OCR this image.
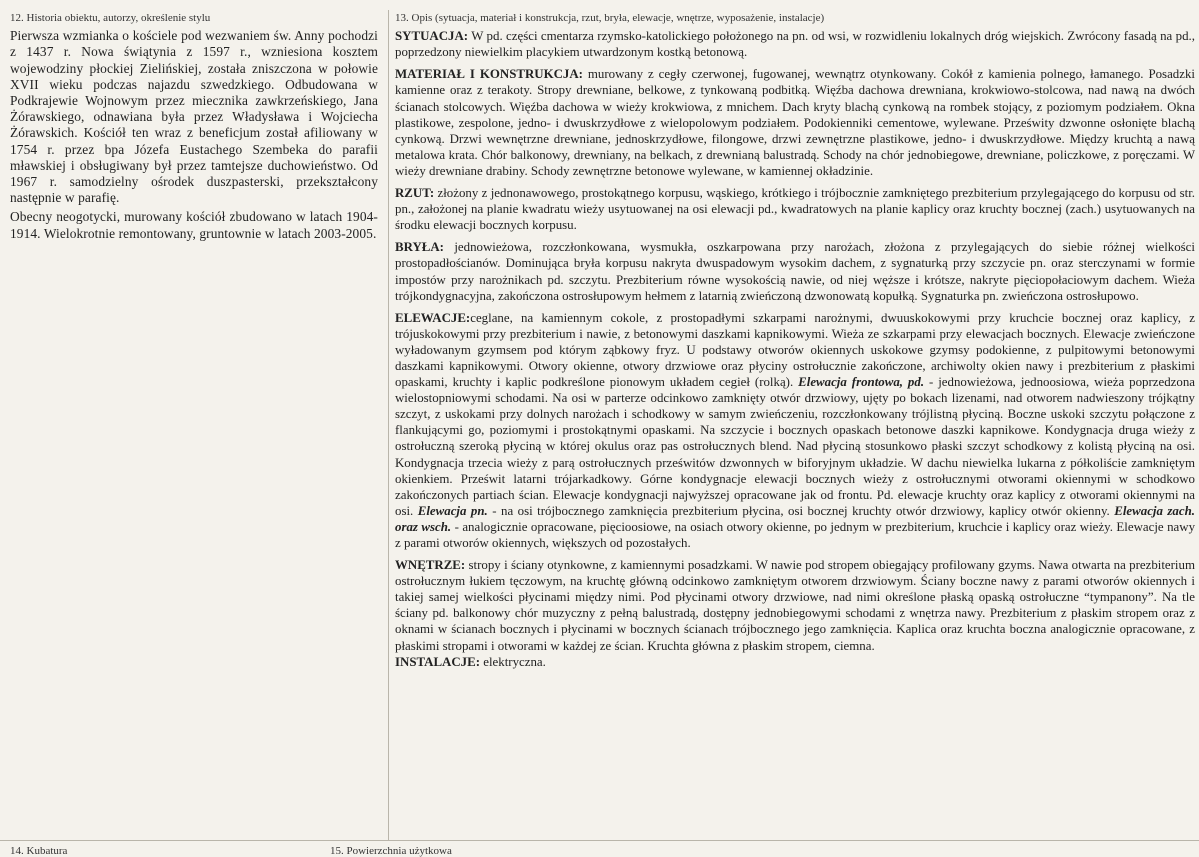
12. Historia obiektu, autorzy, określenie stylu

Pierwsza wzmianka o kościele pod wezwaniem św. Anny pochodzi z 1437 r. Nowa świątynia z 1597 r., wzniesiona kosztem wojewodziny płockiej Zielińskiej, została zniszczona w połowie XVII wieku podczas najazdu szwedzkiego. Odbudowana w Podkrajewie Wojnowym przez miecznika zawkrzeńskiego, Jana Żórawskiego, odnawiana była przez Władysława i Wojciecha Żórawskich. Kościół ten wraz z beneficjum został afiliowany w 1754 r. przez bpa Józefa Eustachego Szembeka do parafii mławskiej i obsługiwany był przez tamtejsze duchowieństwo. Od 1967 r. samodzielny ośrodek duszpasterski, przekształcony następnie w parafię.

Obecny neogotycki, murowany kościół zbudowano w latach 1904-1914. Wielokrotnie remontowany, gruntownie w latach 2003-2005.

13. Opis (sytuacja, materiał i konstrukcja, rzut, bryła, elewacje, wnętrze, wyposażenie, instalacje)

SYTUACJA: W pd. części cmentarza rzymsko-katolickiego położonego na pn. od wsi, w rozwidleniu lokalnych dróg wiejskich. Zwrócony fasadą na pd., poprzedzony niewielkim placykiem utwardzonym kostką betonową.

MATERIAŁ I KONSTRUKCJA: murowany z cegły czerwonej, fugowanej, wewnątrz otynkowany. Cokół z kamienia polnego, łamanego. Posadzki kamienne oraz z terakoty. Stropy drewniane, belkowe, z tynkowaną podbitką. Więźba dachowa drewniana, krokwiowo-stolcowa, nad nawą na dwóch ścianach stolcowych. Więźba dachowa w wieży krokwiowa, z mnichem. Dach kryty blachą cynkową na rombek stojący, z poziomym podziałem. Okna plastikowe, zespolone, jedno- i dwuskrzydłowe z wielopolowym podziałem. Podokienniki cementowe, wylewane. Prześwity dzwonne osłonięte blachą cynkową. Drzwi wewnętrzne drewniane, jednoskrzydłowe, filongowe, drzwi zewnętrzne plastikowe, jedno- i dwuskrzydłowe. Między kruchtą a nawą metalowa krata. Chór balkonowy, drewniany, na belkach, z drewnianą balustradą. Schody na chór jednobiegowe, drewniane, policzkowe, z poręczami. W wieży drewniane drabiny. Schody zewnętrzne betonowe wylewane, w kamiennej okładzinie.

RZUT: złożony z jednonawowego, prostokątnego korpusu, wąskiego, krótkiego i trójbocznie zamkniętego prezbiterium przylegającego do korpusu od str. pn., założonej na planie kwadratu wieży usytuowanej na osi elewacji pd., kwadratowych na planie kaplicy oraz kruchty bocznej (zach.) usytuowanych na środku elewacji bocznych korpusu.

BRYŁA: jednowieżowa, rozczłonkowana, wysmukła, oszkarpowana przy narożach, złożona z przylegających do siebie różnej wielkości prostopadłościanów. Dominująca bryła korpusu nakryta dwuspadowym wysokim dachem, z sygnaturką przy szczycie pn. oraz sterczynami w formie impostów przy narożnikach pd. szczytu. Prezbiterium równe wysokością nawie, od niej węższe i krótsze, nakryte pięciopołaciowym dachem. Wieża trójkondygnacyjna, zakończona ostrosłupowym hełmem z latarnią zwieńczoną dzwonowatą kopułką. Sygnaturka pn. zwieńczona ostrosłupowo.

ELEWACJE:ceglane, na kamiennym cokole, z prostopadłymi szkarpami narożnymi, dwuuskokowymi przy kruchcie bocznej oraz kaplicy, z trójuskokowymi przy prezbiterium i nawie, z betonowymi daszkami kapnikowymi. Wieża ze szkarpami przy elewacjach bocznych. Elewacje zwieńczone wyładowanym gzymsem pod którym ząbkowy fryz. U podstawy otworów okiennych uskokowe gzymsy podokienne, z pulpitowymi betonowymi daszkami kapnikowymi. Otwory okienne, otwory drzwiowe oraz płyciny ostrołucznie zakończone, archiwolty okien nawy i prezbiterium z płaskimi opaskami, kruchty i kaplic podkreślone pionowym układem cegieł (rolką). Elewacja frontowa, pd. - jednowieżowa, jednoosiowa, wieża poprzedzona wielostopniowymi schodami. Na osi w parterze odcinkowo zamknięty otwór drzwiowy, ujęty po bokach lizenami, nad otworem nadwieszony trójkątny szczyt, z uskokami przy dolnych narożach i schodkowy w samym zwieńczeniu, rozczłonkowany trójlistną płyciną. Boczne uskoki szczytu połączone z flankującymi go, poziomymi i prostokątnymi opaskami. Na szczycie i bocznych opaskach betonowe daszki kapnikowe. Kondygnacja druga wieży z ostrołuczną szeroką płyciną w której okulus oraz pas ostrołucznych blend. Nad płyciną stosunkowo płaski szczyt schodkowy z kolistą płyciną na osi. Kondygnacja trzecia wieży z parą ostrołucznych prześwitów dzwonnych w biforyjnym układzie. W dachu niewielka lukarna z półkoliście zamkniętym okienkiem. Prześwit latarni trójarkadkowy. Górne kondygnacje elewacji bocznych wieży z ostrołucznymi otworami okiennymi w schodkowo zakończonych partiach ścian. Elewacje kondygnacji najwyższej opracowane jak od frontu. Pd. elewacje kruchty oraz kaplicy z otworami okiennymi na osi. Elewacja pn. - na osi trójbocznego zamknięcia prezbiterium płycina, osi bocznej kruchty otwór drzwiowy, kaplicy otwór okienny. Elewacja zach. oraz wsch. - analogicznie opracowane, pięcioosiowe, na osiach otwory okienne, po jednym w prezbiterium, kruchcie i kaplicy oraz wieży. Elewacje nawy z parami otworów okiennych, większych od pozostałych.

WNĘTRZE: stropy i ściany otynkowne, z kamiennymi posadzkami. W nawie pod stropem obiegający profilowany gzyms. Nawa otwarta na prezbiterium ostrołucznym łukiem tęczowym, na kruchtę główną odcinkowo zamkniętym otworem drzwiowym. Ściany boczne nawy z parami otworów okiennych i takiej samej wielkości płycinami między nimi. Pod płycinami otwory drzwiowe, nad nimi określone płaską opaską ostrołuczne “tympanony”. Na tle ściany pd. balkonowy chór muzyczny z pełną balustradą, dostępny jednobiegowymi schodami z wnętrza nawy. Prezbiterium z płaskim stropem oraz z oknami w ścianach bocznych i płycinami w bocznych ścianach trójbocznego jego zamknięcia. Kaplica oraz kruchta boczna analogicznie opracowane, z płaskimi stropami i otworami w każdej ze ścian. Kruchta główna z płaskim stropem, ciemna.

INSTALACJE: elektryczna.

14. Kubatura	15. Powierzchnia użytkowa
